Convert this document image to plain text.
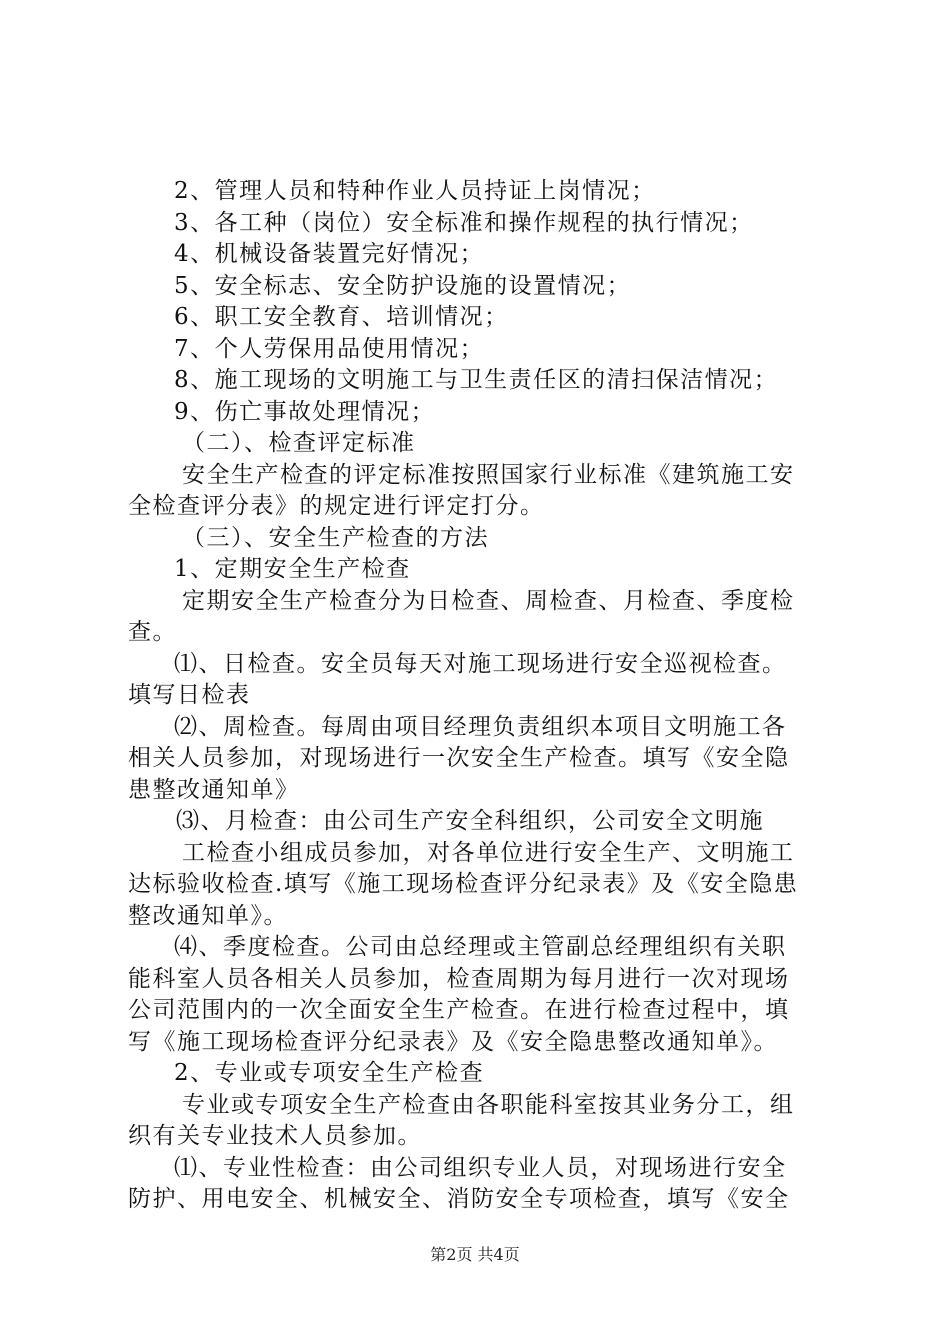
2、管理人员和特种作业人员持证上岗情况；
3、各工种（岗位）安全标准和操作规程的执行情况；
4、机械设备装置完好情况；
5、安全标志、安全防护设施的设置情况；
6、职工安全教育、培训情况；
7、个人劳保用品使用情况；
8、施工现场的文明施工与卫生责任区的清扫保洁情况；
9、伤亡事故处理情况；
（二）、检查评定标准
安全生产检查的评定标准按照国家行业标准《建筑施工安
全检查评分表》的规定进行评定打分。
（三）、安全生产检查的方法
1、定期安全生产检查
定期安全生产检查分为日检查、周检查、月检查、季度检
查。
⑴、日检查。安全员每天对施工现场进行安全巡视检查。
填写日检表
⑵、周检查。每周由项目经理负责组织本项目文明施工各
相关人员参加，对现场进行一次安全生产检查。填写《安全隐
患整改通知单》
⑶、月检查：由公司生产安全科组织，公司安全文明施
工检查小组成员参加，对各单位进行安全生产、文明施工
达标验收检查.填写《施工现场检查评分纪录表》及《安全隐患
整改通知单》。
⑷、季度检查。公司由总经理或主管副总经理组织有关职
能科室人员各相关人员参加，检查周期为每月进行一次对现场
公司范围内的一次全面安全生产检查。在进行检查过程中，填
写《施工现场检查评分纪录表》及《安全隐患整改通知单》。
2、专业或专项安全生产检查
专业或专项安全生产检查由各职能科室按其业务分工，组
织有关专业技术人员参加。
⑴、专业性检查：由公司组织专业人员，对现场进行安全
防护、用电安全、机械安全、消防安全专项检查，填写《安全
第2页 共4页
